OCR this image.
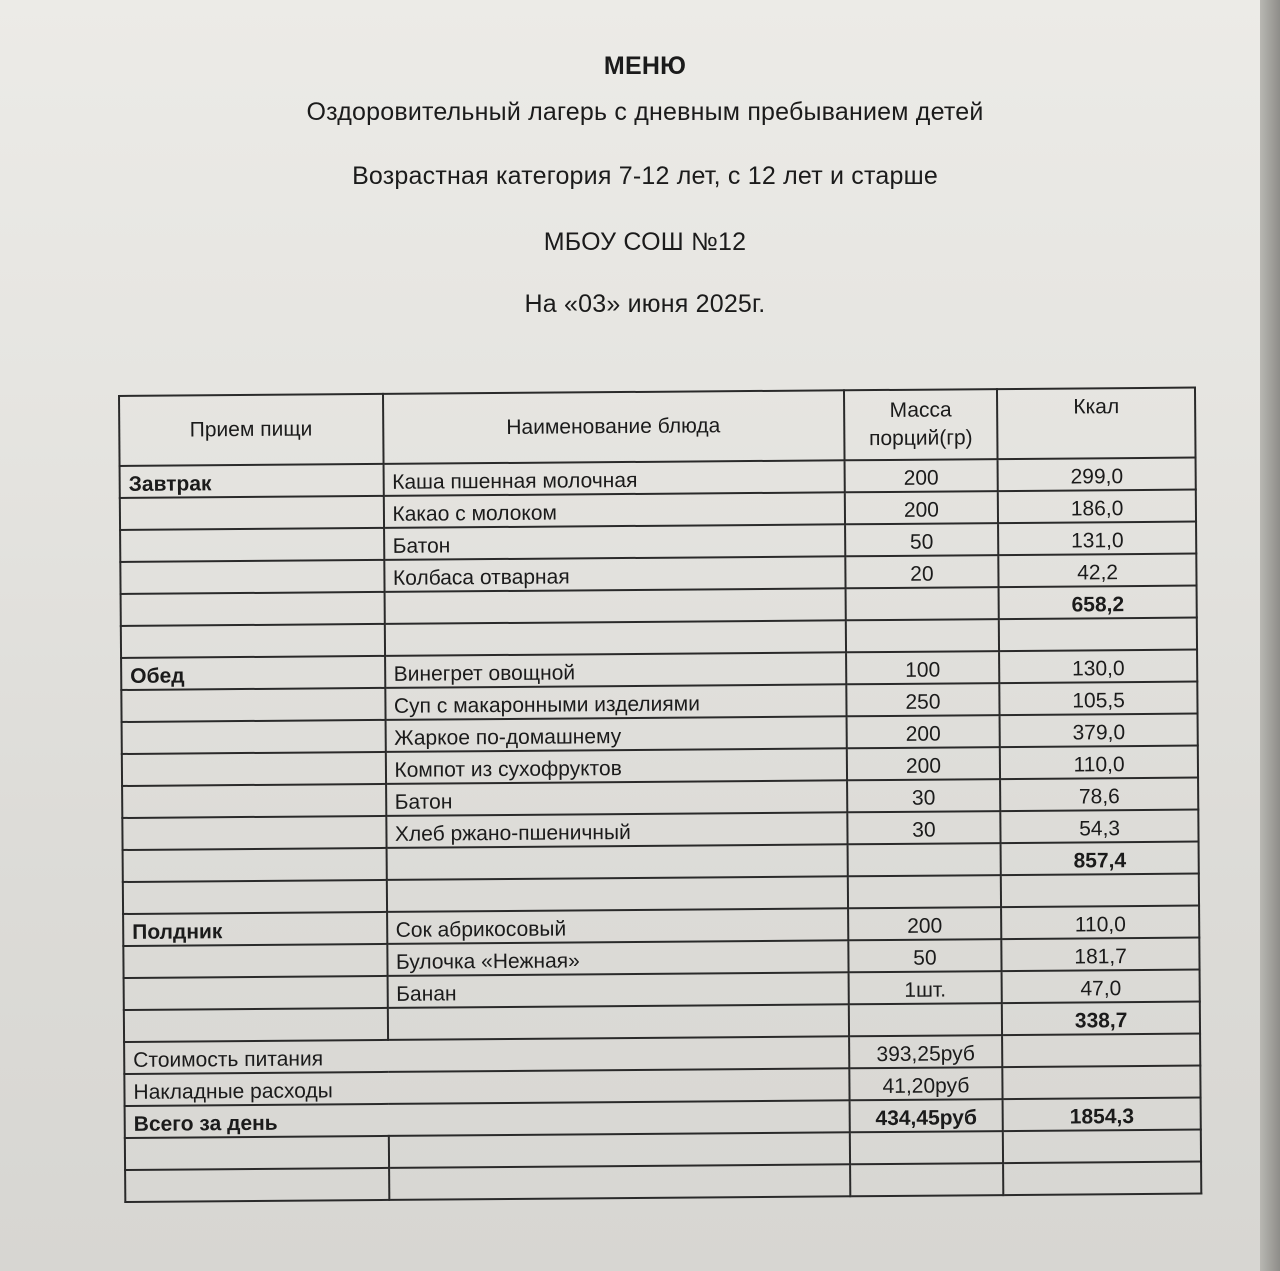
МЕНЮ
Оздоровительный лагерь с дневным пребыванием детей
Возрастная категория 7-12 лет, с 12 лет и старше
МБОУ СОШ №12
На «03» июня 2025г.
Прием пищи	Наименование блюда	Масса порций(гр)	Ккал
Завтрак	Каша пшенная молочная	200	299,0
	Какао с молоком	200	186,0
	Батон	50	131,0
	Колбаса отварная	20	42,2
			658,2

Обед	Винегрет овощной	100	130,0
	Суп с макаронными изделиями	250	105,5
	Жаркое по-домашнему	200	379,0
	Компот из сухофруктов	200	110,0
	Батон	30	78,6
	Хлеб ржано-пшеничный	30	54,3
			857,4

Полдник	Сок абрикосовый	200	110,0
	Булочка «Нежная»	50	181,7
	Банан	1шт.	47,0
			338,7
Стоимость питания		393,25руб	
Накладные расходы		41,20руб	
Всего за день		434,45руб	1854,3
